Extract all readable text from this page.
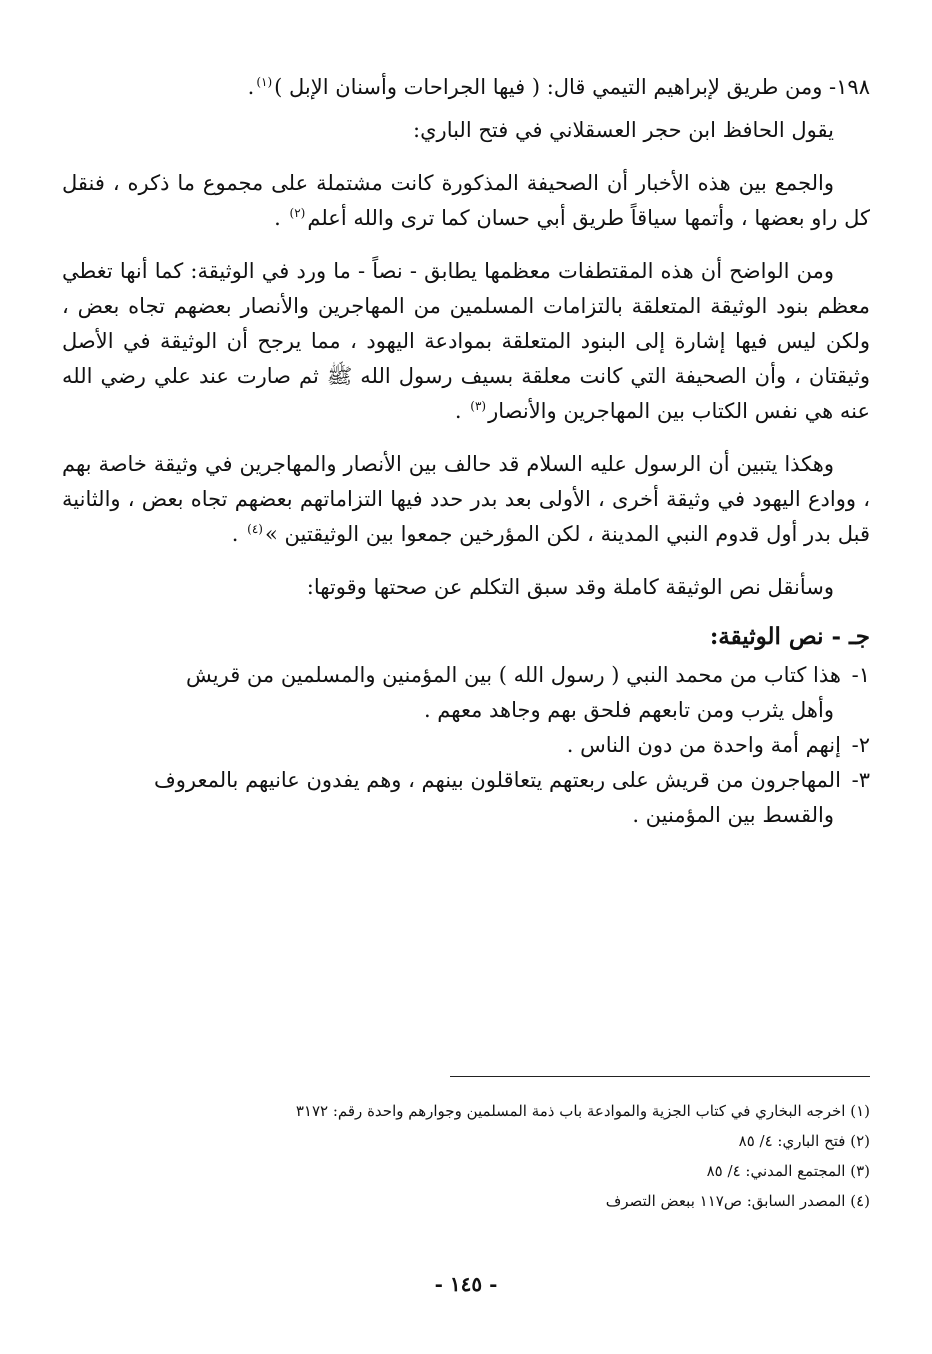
١٩٨- ومن طريق لإبراهيم التيمي قال: ( فيها الجراحات وأسنان الإبل )$^{(١)}$.

يقول الحافظ ابن حجر العسقلاني في فتح الباري:

والجمع بين هذه الأخبار أن الصحيفة المذكورة كانت مشتملة على مجموع ما ذكره ، فنقل كل راو بعضها ، وأتمها سياقاً طريق أبي حسان كما ترى والله أعلم$^{(٢)}$ .

ومن الواضح أن هذه المقتطفات معظمها يطابق - نصاً - ما ورد في الوثيقة: كما أنها تغطي معظم بنود الوثيقة المتعلقة بالتزامات المسلمين من المهاجرين والأنصار بعضهم تجاه بعض ، ولكن ليس فيها إشارة إلى البنود المتعلقة بموادعة اليهود ، مما يرجح أن الوثيقة في الأصل وثيقتان ، وأن الصحيفة التي كانت معلقة بسيف رسول الله ﷺ ثم صارت عند علي رضي الله عنه هي نفس الكتاب بين المهاجرين والأنصار$^{(٣)}$ .

وهكذا يتبين أن الرسول عليه السلام قد حالف بين الأنصار والمهاجرين في وثيقة خاصة بهم ، ووادع اليهود في وثيقة أخرى ، الأولى بعد بدر حدد فيها التزاماتهم بعضهم تجاه بعض ، والثانية قبل بدر أول قدوم النبي المدينة ، لكن المؤرخين جمعوا بين الوثيقتين »$^{(٤)}$ .

وسأنقل نص الوثيقة كاملة وقد سبق التكلم عن صحتها وقوتها:

جـ - نص الوثيقة:

١- هذا كتاب من محمد النبي ( رسول الله ) بين المؤمنين والمسلمين من قريش

وأهل يثرب ومن تابعهم فلحق بهم وجاهد معهم .

٢- إنهم أمة واحدة من دون الناس .

٣- المهاجرون من قريش على ربعتهم يتعاقلون بينهم ، وهم يفدون عانيهم بالمعروف

والقسط بين المؤمنين .

(١) اخرجه البخاري في كتاب الجزية والموادعة باب ذمة المسلمين وجوارهم واحدة رقم: ٣١٧٢

(٢) فتح الباري: ٤/ ٨٥

(٣) المجتمع المدني: ٤/ ٨٥

(٤) المصدر السابق: ص١١٧ ببعض التصرف

- ١٤٥ -
